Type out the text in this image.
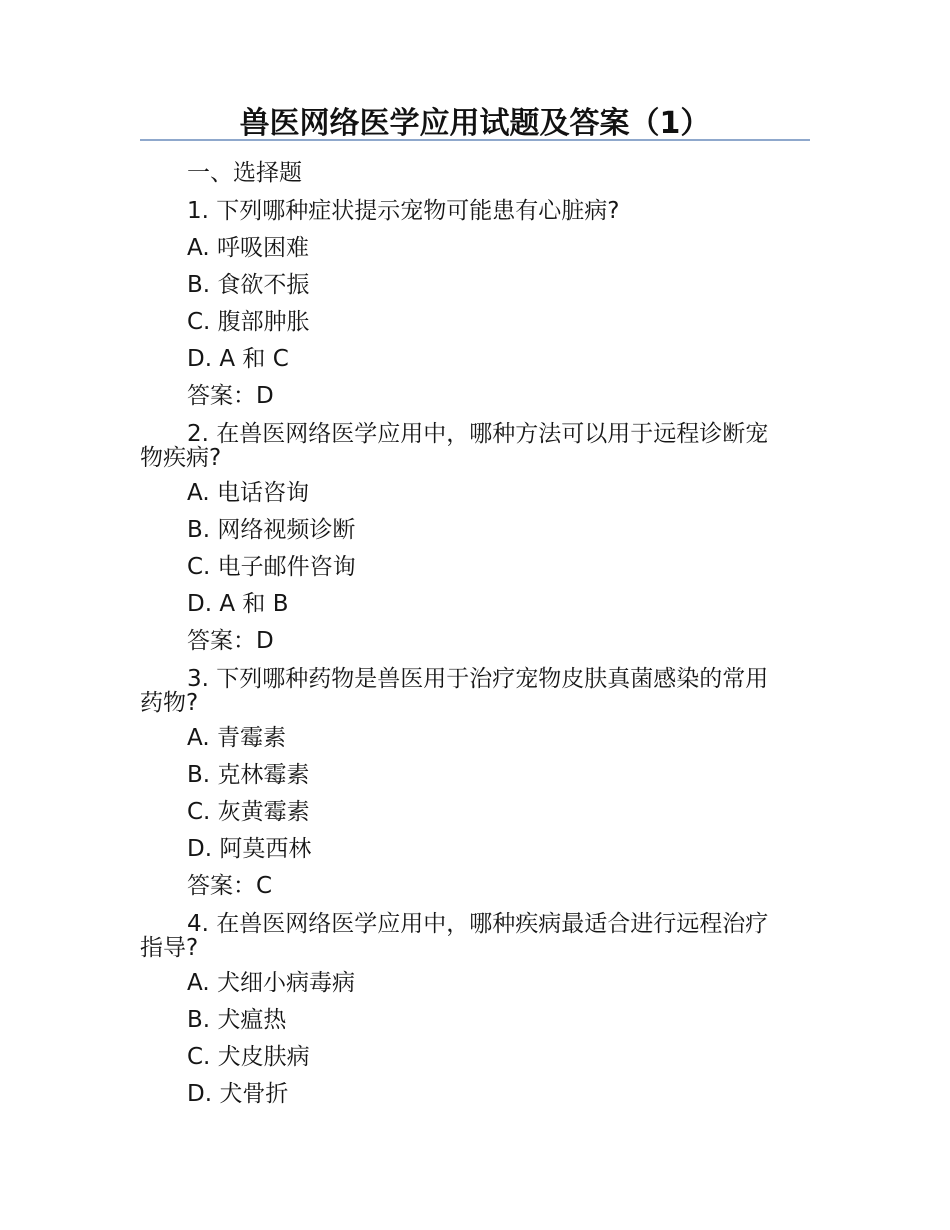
兽医网络医学应用试题及答案（1）
一、选择题
1. 下列哪种症状提示宠物可能患有心脏病?
A. 呼吸困难
B. 食欲不振
C. 腹部肿胀
D. A 和 C
答案：D
2. 在兽医网络医学应用中，哪种方法可以用于远程诊断宠
物疾病?
A. 电话咨询
B. 网络视频诊断
C. 电子邮件咨询
D. A 和 B
答案：D
3. 下列哪种药物是兽医用于治疗宠物皮肤真菌感染的常用
药物?
A. 青霉素
B. 克林霉素
C. 灰黄霉素
D. 阿莫西林
答案：C
4. 在兽医网络医学应用中，哪种疾病最适合进行远程治疗
指导?
A. 犬细小病毒病
B. 犬瘟热
C. 犬皮肤病
D. 犬骨折
